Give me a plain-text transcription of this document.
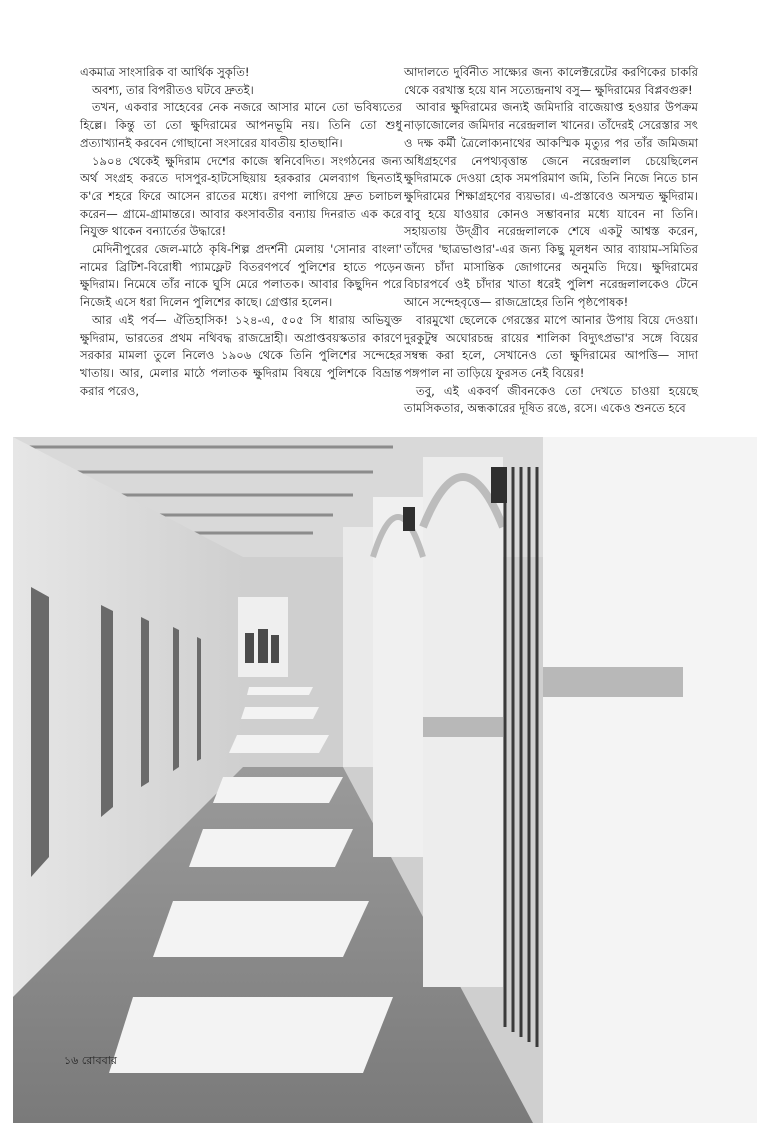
একমাত্র সাংসারিক বা আর্থিক সুকৃতি!

অবশ্য, তার বিপরীতও ঘটবে দ্রুতই।

তখন, একবার সাহেবের নেক নজরে আসার মানে তো ভবিষ্যতের হিল্লে। কিন্তু তা তো ক্ষুদিরামের আপনভূমি নয়। তিনি তো শুধু প্রত্যাখ্যানই করবেন গোছানো সংসারের যাবতীয় হাতছানি।

১৯০৪ থেকেই ক্ষুদিরাম দেশের কাজে স্বনিবেদিত। সংগঠনের জন্য অর্থ সংগ্রহ করতে দাসপুর-হাটসেছিয়ায় হরকরার মেলব্যাগ ছিনতাই ক'রে শহরে ফিরে আসেন রাতের মধ্যে। রণপা লাগিয়ে দ্রুত চলাচল করেন— গ্রামে-গ্রামান্তরে। আবার কংসাবতীর বন্যায় দিনরাত এক করে নিযুক্ত থাকেন বন্যার্তের উদ্ধারে!

মেদিনীপুরের জেল-মাঠে কৃষি-শিল্প প্রদর্শনী মেলায় 'সোনার বাংলা' নামের ব্রিটিশ-বিরোধী প্যামফ্লেট বিতরণপর্বে পুলিশের হাতে পড়েন ক্ষুদিরাম। নিমেষে তাঁর নাকে ঘুসি মেরে পলাতক। আবার কিছুদিন পরে নিজেই এসে ধরা দিলেন পুলিশের কাছে। গ্রেপ্তার হলেন।

আর এই পর্ব— ঐতিহাসিক! ১২৪-এ, ৫০৫ সি ধারায় অভিযুক্ত ক্ষুদিরাম, ভারতের প্রথম নথিবদ্ধ রাজদ্রোহী। অপ্রাপ্তবয়স্কতার কারণে সরকার মামলা তুলে নিলেও ১৯০৬ থেকে তিনি পুলিশের সন্দেহের খাতায়। আর, মেলার মাঠে পলাতক ক্ষুদিরাম বিষয়ে পুলিশকে বিভ্রান্ত করার পরেও,

আদালতে দুর্বিনীত সাক্ষ্যের জন্য কালেক্টরেটের করণিকের চাকরি থেকে বরখাস্ত হয়ে যান সত্যেন্দ্রনাথ বসু— ক্ষুদিরামের বিপ্লবগুরু!

আবার ক্ষুদিরামের জন্যই জমিদারি বাজেয়াপ্ত হওয়ার উপক্রম নাড়াজোলের জমিদার নরেন্দ্রলাল খানের। তাঁদেরই সেরেস্তার সৎ ও দক্ষ কর্মী ত্রৈলোক্যনাথের আকস্মিক মৃত্যুর পর তাঁর জমিজমা অধিগ্রহণের নেপথ্যবৃত্তান্ত জেনে নরেন্দ্রলাল চেয়েছিলেন ক্ষুদিরামকে দেওয়া হোক সমপরিমাণ জমি, তিনি নিজে নিতে চান ক্ষুদিরামের শিক্ষাগ্রহণের ব্যয়ভার। এ-প্রস্তাবেও অসম্মত ক্ষুদিরাম। বাবু হয়ে যাওয়ার কোনও সম্ভাবনার মধ্যে যাবেন না তিনি। সহায়তায় উদ্গ্রীব নরেন্দ্রলালকে শেষে একটু আশ্বস্ত করেন, তাঁদের 'ছাত্রভাণ্ডার'-এর জন্য কিছু মূলধন আর ব্যায়াম-সমিতির জন্য চাঁদা মাসান্তিক জোগানের অনুমতি দিয়ে। ক্ষুদিরামের বিচারপর্বে ওই চাঁদার খাতা ধরেই পুলিশ নরেন্দ্রলালকেও টেনে আনে সন্দেহবৃত্তে— রাজদ্রোহের তিনি পৃষ্ঠপোষক!

বারমুখো ছেলেকে গেরস্তের মাপে আনার উপায় বিয়ে দেওয়া। দুরকুটুম্ব অঘোরচন্দ্র রায়ের শালিকা বিদ্যুৎপ্রভা'র সঙ্গে বিয়ের সম্বন্ধ করা হলে, সেখানেও তো ক্ষুদিরামের আপত্তি— সাদা পঙ্গপাল না তাড়িয়ে ফুরসত নেই বিয়ের!

তবু, এই একবর্ণ জীবনকেও তো দেখতে চাওয়া হয়েছে তামসিকতার, অন্ধকারের দূষিত রঙে, রসে। একেও শুনতে হবে

১৬ রোববার
